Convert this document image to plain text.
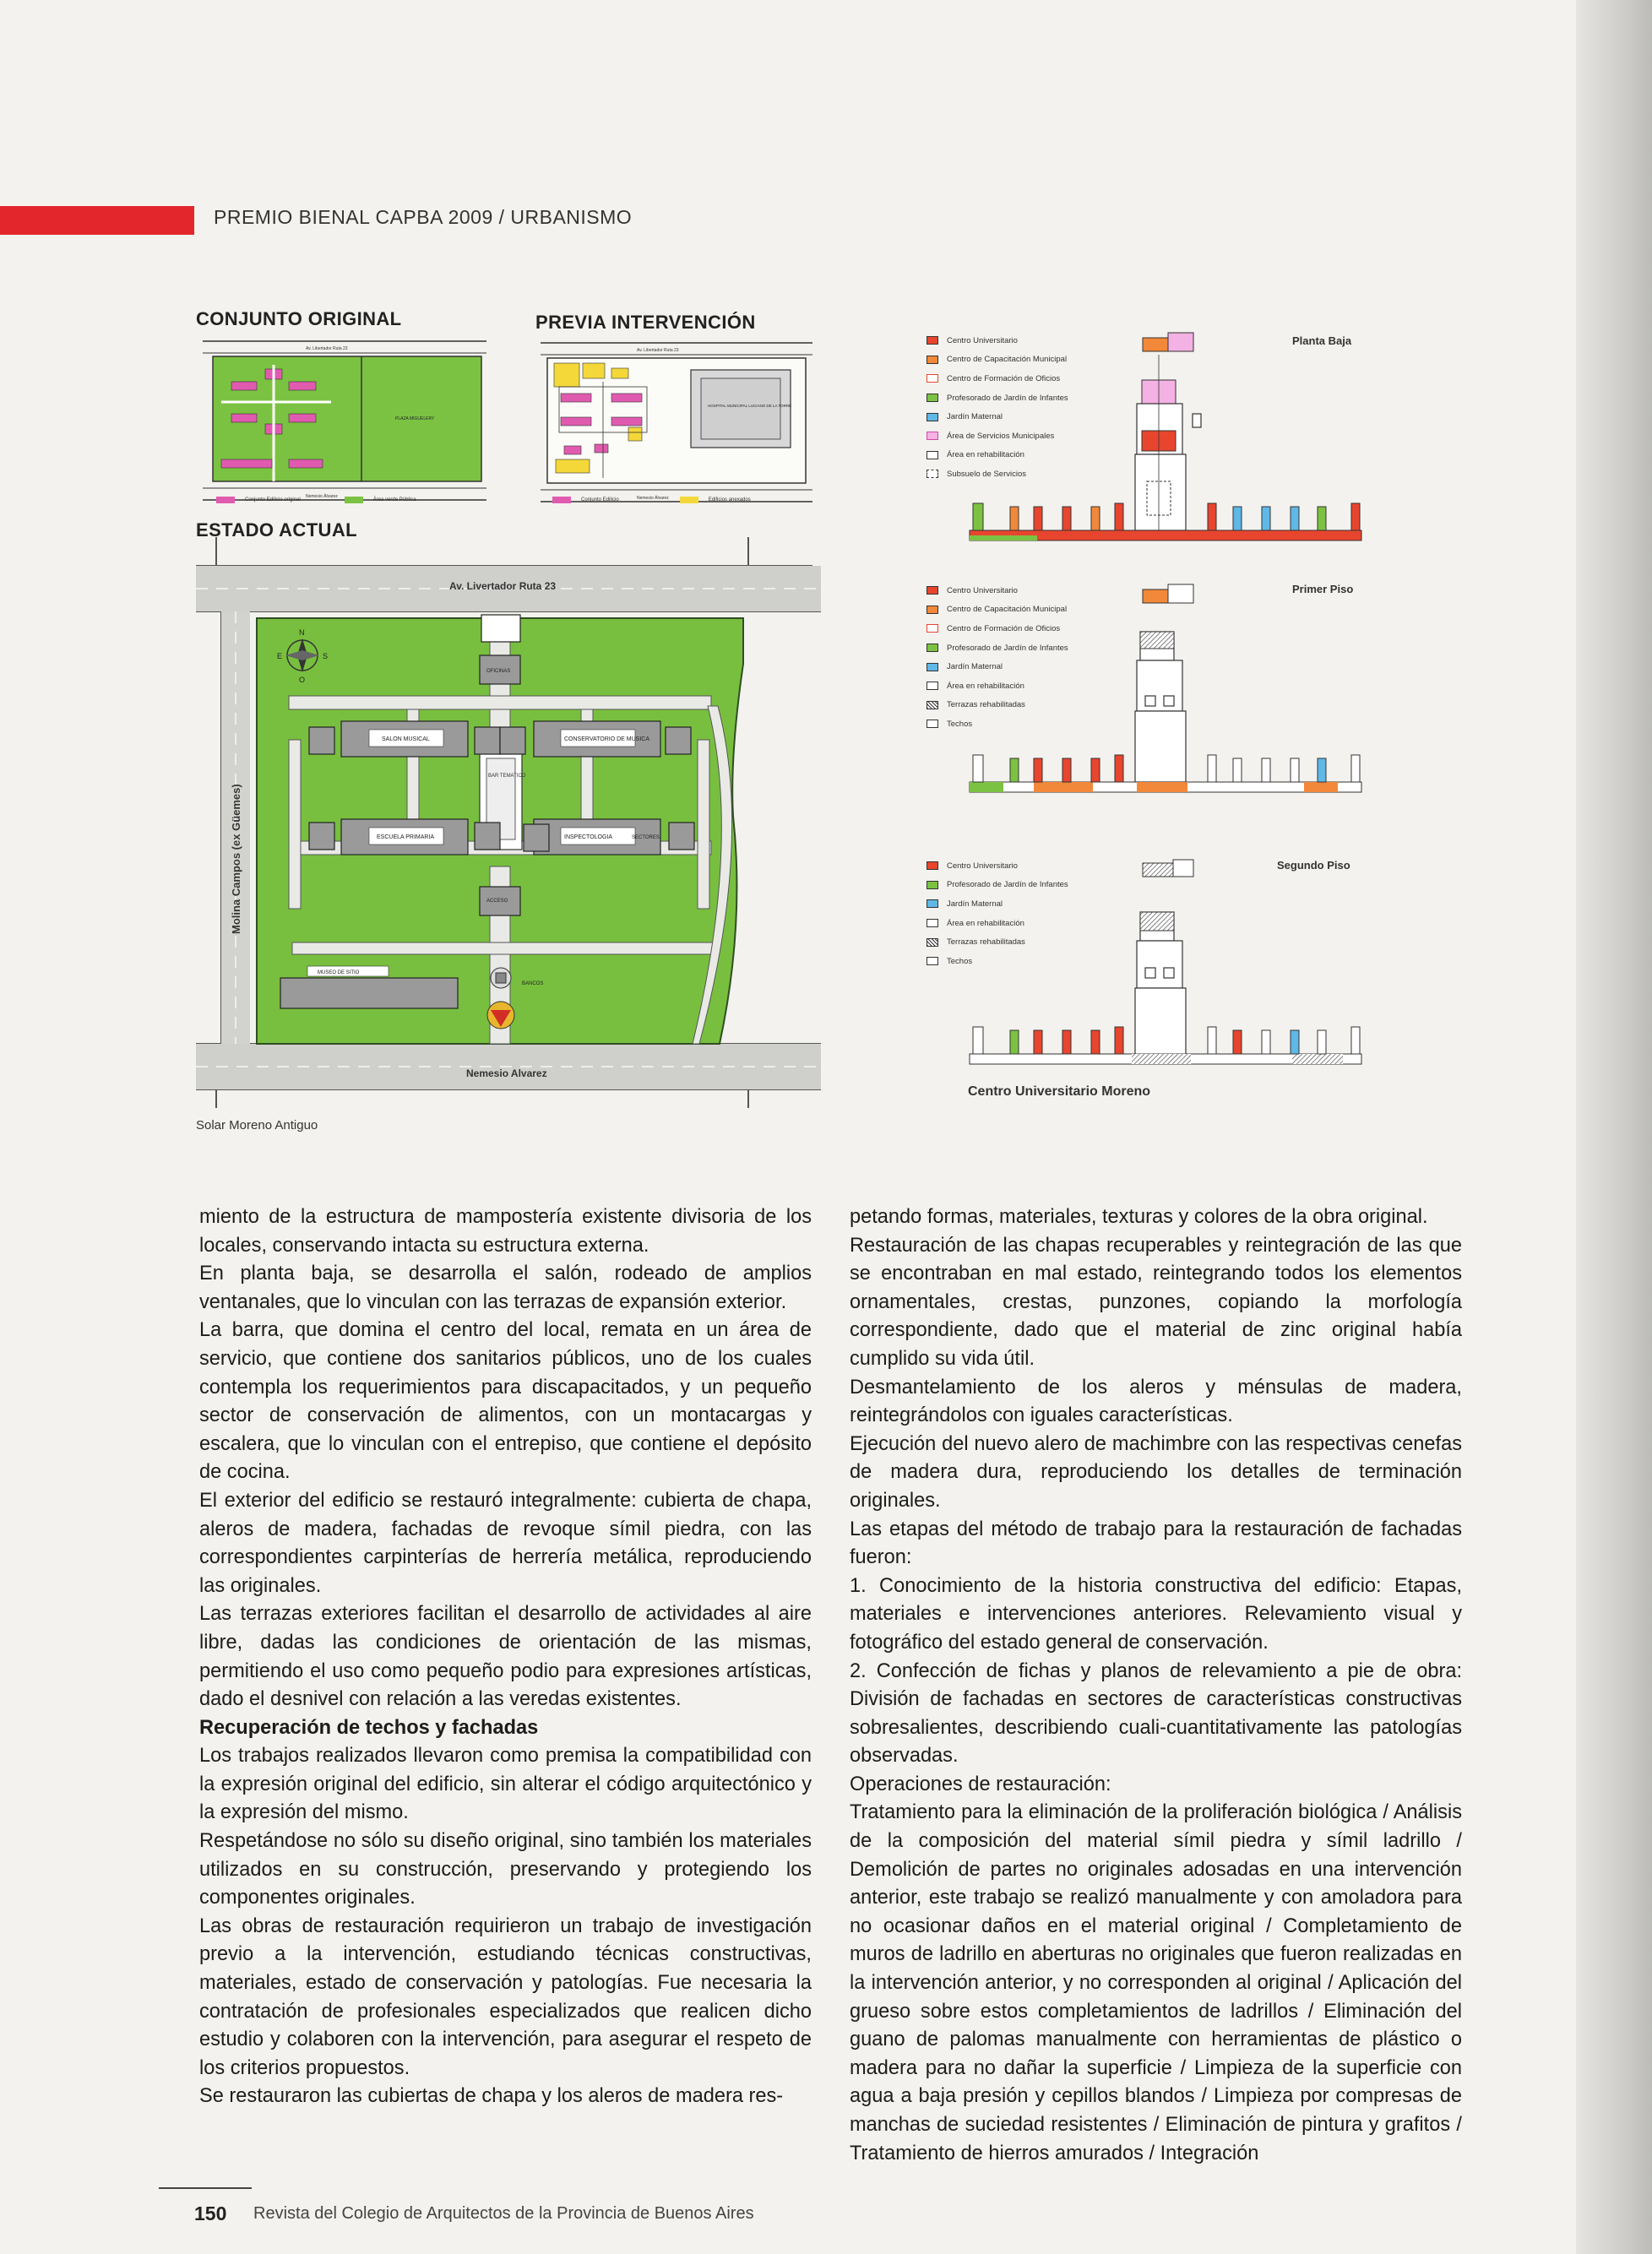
PREMIO BIENAL CAPBA 2009 / URBANISMO
CONJUNTO ORIGINAL	PREVIA INTERVENCIÓN
ESTADO ACTUAL
Av. Libertador Ruta 23
PLAZA MIGUELERY
Nemesio Álvarez
Conjunto Edilicio original	Área verde Pública
Av. Libertador Ruta 23
HOSPITAL MUNICIPAL LUCIANO DE LA TORRE
Nemesio Álvarez
Conjunto Edilicio	Edificios anexados
Av. Livertador Ruta 23
Nemesio Alvarez
Molina Campos (ex Güemes)
BAR TEMATICO
SALON MUSICAL	CONSERVATORIO DE MUSICA
ESCUELA PRIMARIA	INSPECTOLOGIA	SECTORES
MUSEO DE SITIO
BANCOS
OFICINAS
ACCESO
N
S
E
O
Solar Moreno Antiguo
Centro Universitario
Centro de Capacitación Municipal
Centro de Formación de Oficios
Profesorado de Jardín de Infantes
Jardín Maternal
Área de Servicios Municipales
Área en rehabilitación
Subsuelo de Servicios
Planta Baja
Centro Universitario
Centro de Capacitación Municipal
Centro de Formación de Oficios
Profesorado de Jardín de Infantes
Jardín Maternal
Área en rehabilitación
Terrazas rehabilitadas
Techos
Primer Piso
Centro Universitario
Profesorado de Jardín de Infantes
Jardín Maternal
Área en rehabilitación
Terrazas rehabilitadas
Techos
Segundo Piso
Centro Universitario Moreno

miento de la estructura de mampostería existente divisoria de los locales, conservando intacta su estructura externa.

En planta baja, se desarrolla el salón, rodeado de amplios ventanales, que lo vinculan con las terrazas de expansión exterior.

La barra, que domina el centro del local, remata en un área de servicio, que contiene dos sanitarios públicos, uno de los cuales contempla los requerimientos para discapacitados, y un pequeño sector de conservación de alimentos, con un montacargas y escalera, que lo vinculan con el entrepiso, que contiene el depósito de cocina.

El exterior del edificio se restauró integralmente: cubierta de chapa, aleros de madera, fachadas de revoque símil piedra, con las correspondientes carpinterías de herrería metálica, reproduciendo las originales.

Las terrazas exteriores facilitan el desarrollo de actividades al aire libre, dadas las condiciones de orientación de las mismas, permitiendo el uso como pequeño podio para expresiones artísticas, dado el desnivel con relación a las veredas existentes.

Recuperación de techos y fachadas

Los trabajos realizados llevaron como premisa la compatibilidad con la expresión original del edificio, sin alterar el código arquitectónico y la expresión del mismo.

Respetándose no sólo su diseño original, sino también los materiales utilizados en su construcción, preservando y protegiendo los componentes originales.

Las obras de restauración requirieron un trabajo de investigación previo a la intervención, estudiando técnicas constructivas, materiales, estado de conservación y patologías. Fue necesaria la contratación de profesionales especializados que realicen dicho estudio y colaboren con la intervención, para asegurar el respeto de los criterios propuestos.

Se restauraron las cubiertas de chapa y los aleros de madera res-

petando formas, materiales, texturas y colores de la obra original.

Restauración de las chapas recuperables y reintegración de las que se encontraban en mal estado, reintegrando todos los elementos ornamentales, crestas, punzones, copiando la morfología correspondiente, dado que el material de zinc original había cumplido su vida útil.

Desmantelamiento de los aleros y ménsulas de madera, reintegrándolos con iguales características.

Ejecución del nuevo alero de machimbre con las respectivas cenefas de madera dura, reproduciendo los detalles de terminación originales.

Las etapas del método de trabajo para la restauración de fachadas fueron:

1. Conocimiento de la historia constructiva del edificio: Etapas, materiales e intervenciones anteriores. Relevamiento visual y fotográfico del estado general de conservación.

2. Confección de fichas y planos de relevamiento a pie de obra: División de fachadas en sectores de características constructivas sobresalientes, describiendo cuali-cuantitativamente las patologías observadas.

Operaciones de restauración:

Tratamiento para la eliminación de la proliferación biológica / Análisis de la composición del material símil piedra y símil ladrillo / Demolición de partes no originales adosadas en una intervención anterior, este trabajo se realizó manualmente y con amoladora para no ocasionar daños en el material original / Completamiento de muros de ladrillo en aberturas no originales que fueron realizadas en la intervención anterior, y no corresponden al original / Aplicación del grueso sobre estos completamientos de ladrillos / Eliminación del guano de palomas manualmente con herramientas de plástico o madera para no dañar la superficie / Limpieza de la superficie con agua a baja presión y cepillos blandos / Limpieza por compresas de manchas de suciedad resistentes / Eliminación de pintura y grafitos / Tratamiento de hierros amurados / Integración

150 Revista del Colegio de Arquitectos de la Provincia de Buenos Aires
